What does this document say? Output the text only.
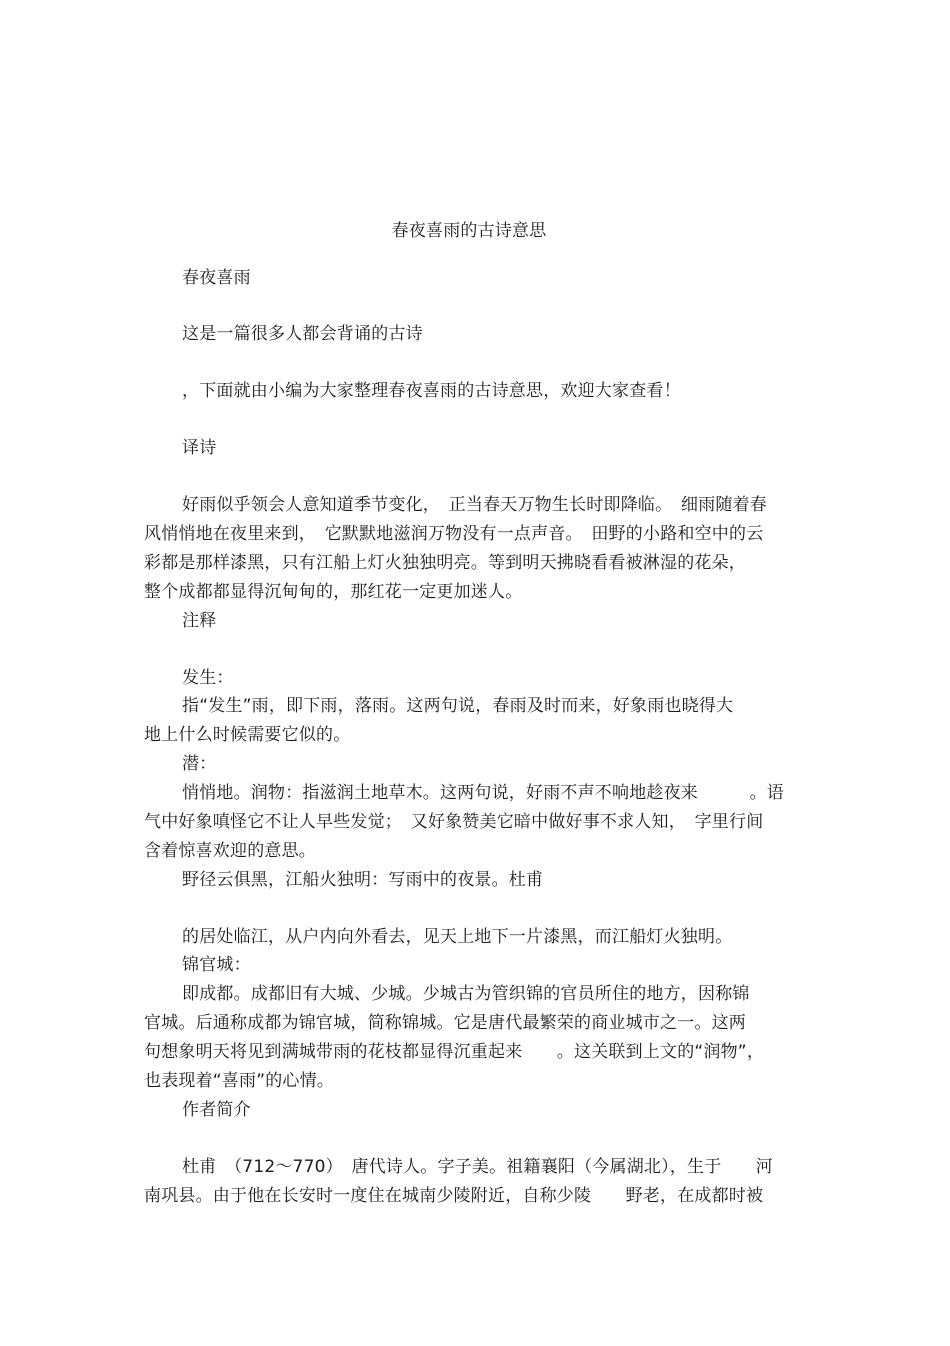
春夜喜雨的古诗意思
春夜喜雨
这是一篇很多人都会背诵的古诗
，下面就由小编为大家整理春夜喜雨的古诗意思，欢迎大家查看！
译诗
好雨似乎领会人意知道季节变化，　正当春天万物生长时即降临。　细雨随着春
风悄悄地在夜里来到，　它默默地滋润万物没有一点声音。　田野的小路和空中的云
彩都是那样漆黑，只有江船上灯火独独明亮。等到明天拂晓看看被淋湿的花朵，
整个成都都显得沉甸甸的，那红花一定更加迷人。
注释
发生：
指“发生”雨，即下雨，落雨。这两句说，春雨及时而来，好象雨也晓得大
地上什么时候需要它似的。
潜：
悄悄地。润物：指滋润土地草木。这两句说，好雨不声不响地趁夜来　　　。语
气中好象嗔怪它不让人早些发觉；　又好象赞美它暗中做好事不求人知，　字里行间
含着惊喜欢迎的意思。
野径云俱黑，江船火独明：写雨中的夜景。杜甫
的居处临江，从户内向外看去，见天上地下一片漆黑，而江船灯火独明。
锦官城：
即成都。成都旧有大城、少城。少城古为管织锦的官员所住的地方，因称锦
官城。后通称成都为锦官城，简称锦城。它是唐代最繁荣的商业城市之一。这两
句想象明天将见到满城带雨的花枝都显得沉重起来　　。这关联到上文的“润物”，
也表现着“喜雨”的心情。
作者简介
杜甫　（712～770）　唐代诗人。字子美。祖籍襄阳（今属湖北），生于　　河
南巩县。由于他在长安时一度住在城南少陵附近，自称少陵　　野老，在成都时被
